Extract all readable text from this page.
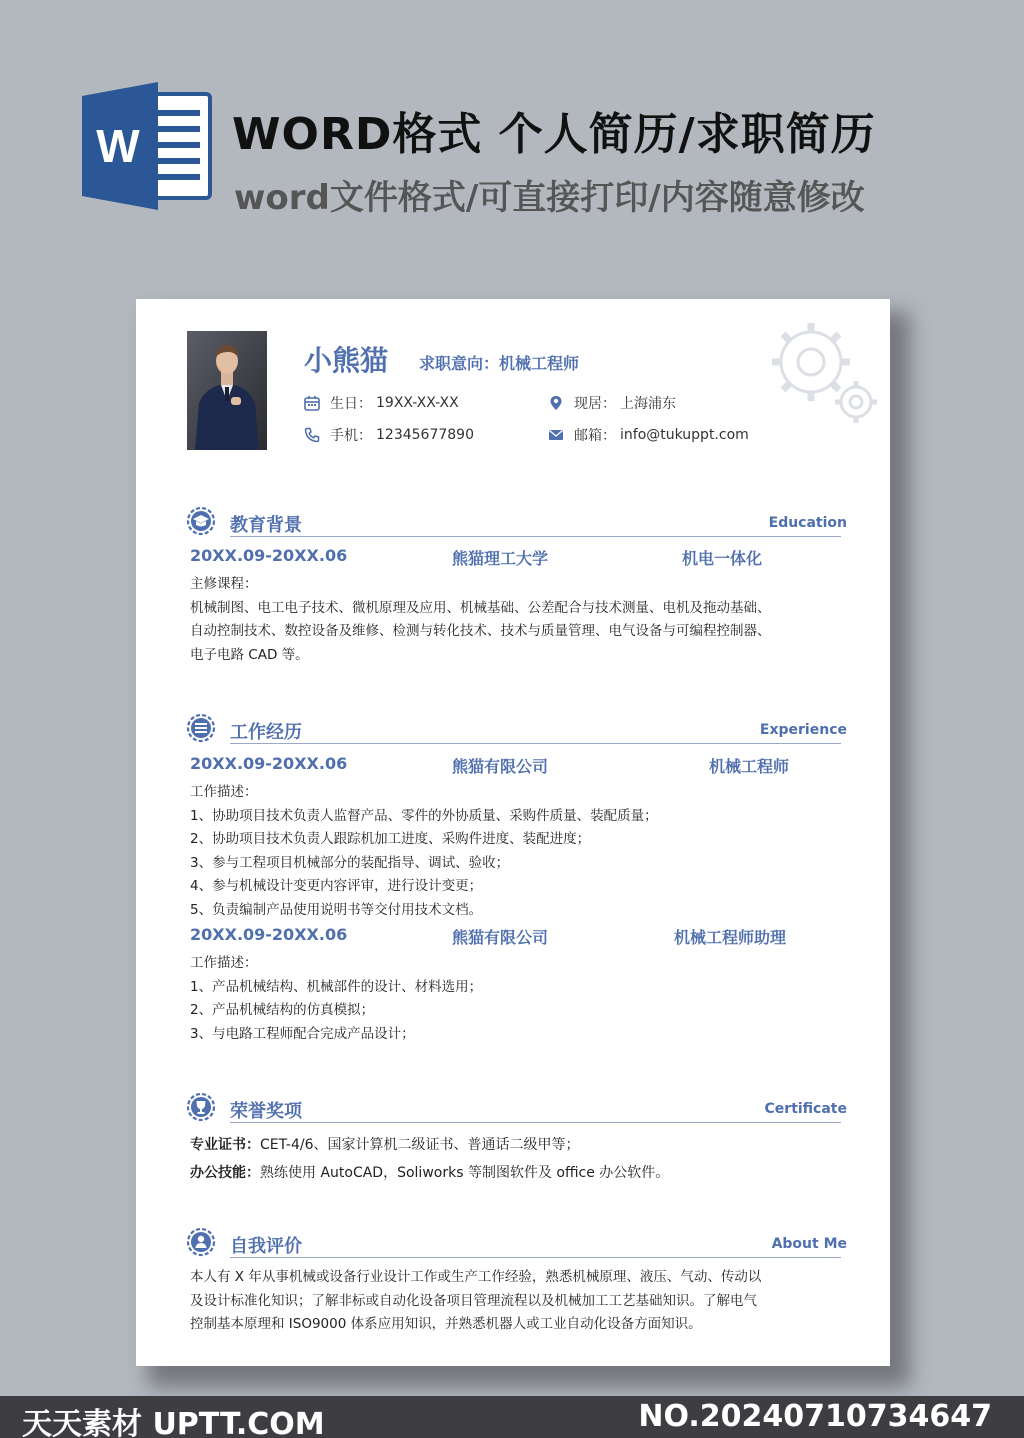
W WORD格式 个人简历/求职简历
word文件格式/可直接打印/内容随意修改
小熊猫 求职意向：机械工程师
生日： 19XX-XX-XX	现居： 上海浦东
手机： 12345677890	邮箱： info@tukuppt.com
教育背景	Education
20XX.09-20XX.06	熊猫理工大学	机电一体化
主修课程：
机械制图、电工电子技术、微机原理及应用、机械基础、公差配合与技术测量、电机及拖动基础、
自动控制技术、数控设备及维修、检测与转化技术、技术与质量管理、电气设备与可编程控制器、
电子电路 CAD 等。
工作经历	Experience
20XX.09-20XX.06	熊猫有限公司	机械工程师
工作描述：
1、协助项目技术负责人监督产品、零件的外协质量、采购件质量、装配质量；
2、协助项目技术负责人跟踪机加工进度、采购件进度、装配进度；
3、参与工程项目机械部分的装配指导、调试、验收；
4、参与机械设计变更内容评审，进行设计变更；
5、负责编制产品使用说明书等交付用技术文档。
20XX.09-20XX.06	熊猫有限公司	机械工程师助理
工作描述：
1、产品机械结构、机械部件的设计、材料选用；
2、产品机械结构的仿真模拟；
3、与电路工程师配合完成产品设计；
荣誉奖项	Certificate
专业证书：CET-4/6、国家计算机二级证书、普通话二级甲等；
办公技能：熟练使用 AutoCAD，Soliworks 等制图软件及 office 办公软件。
自我评价	About Me
本人有 X 年从事机械或设备行业设计工作或生产工作经验，熟悉机械原理、液压、气动、传动以
及设计标准化知识；了解非标或自动化设备项目管理流程以及机械加工工艺基础知识。了解电气
控制基本原理和 ISO9000 体系应用知识，并熟悉机器人或工业自动化设备方面知识。
天天素材 UPTT.COM	NO.20240710734647
